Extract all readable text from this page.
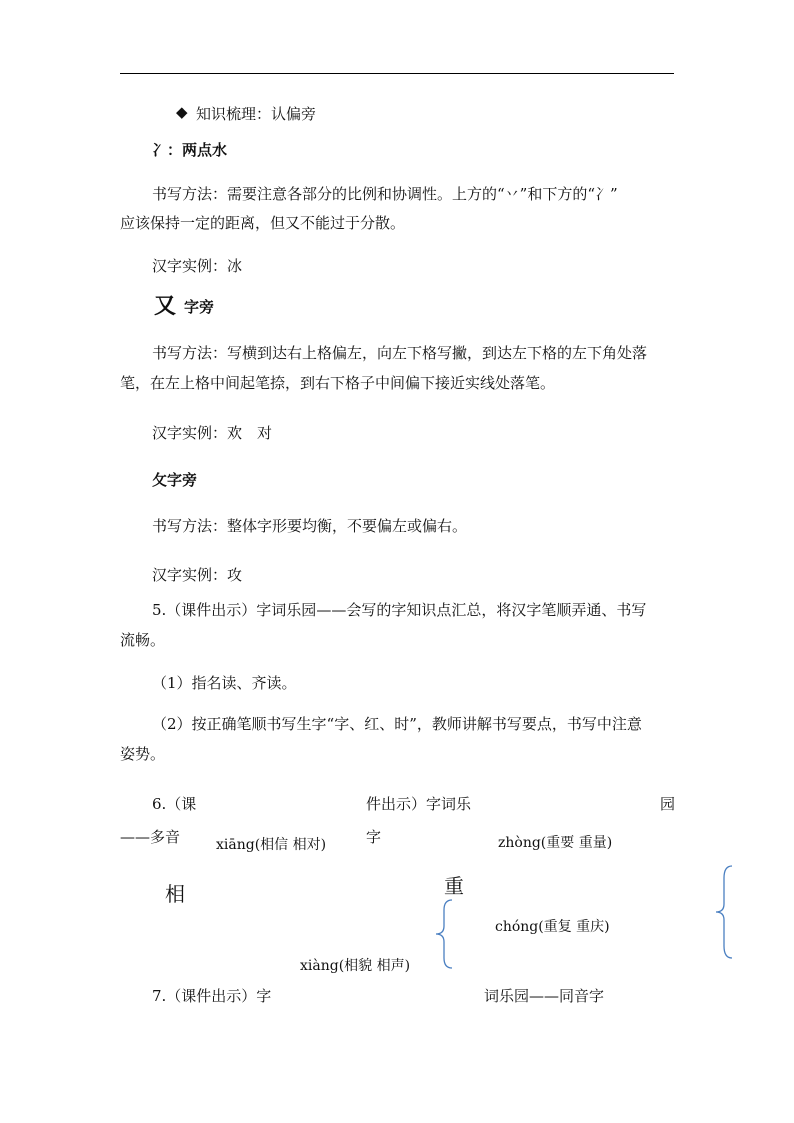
◆ 知识梳理：认偏旁
冫：两点水
书写方法：需要注意各部分的比例和协调性。上方的“丷”和下方的“冫”
应该保持一定的距离，但又不能过于分散。
汉字实例：冰
又 字旁
书写方法：写横到达右上格偏左，向左下格写撇，到达左下格的左下角处落
笔，在左上格中间起笔捺，到右下格子中间偏下接近实线处落笔。
汉字实例：欢　对
攵字旁
书写方法：整体字形要均衡，不要偏左或偏右。
汉字实例：攻
5.（课件出示）字词乐园——会写的字知识点汇总，将汉字笔顺弄通、书写
流畅。
（1）指名读、齐读。
（2）按正确笔顺书写生字“字、红、时”，教师讲解书写要点，书写中注意
姿势。
6.（课	件出示）字词乐	园
——多音	字
xiāng(相信 相对)	zhòng(重要 重量)
相	重
chóng(重复 重庆)
xiàng(相貌 相声)
7.（课件出示）字	词乐园——同音字
